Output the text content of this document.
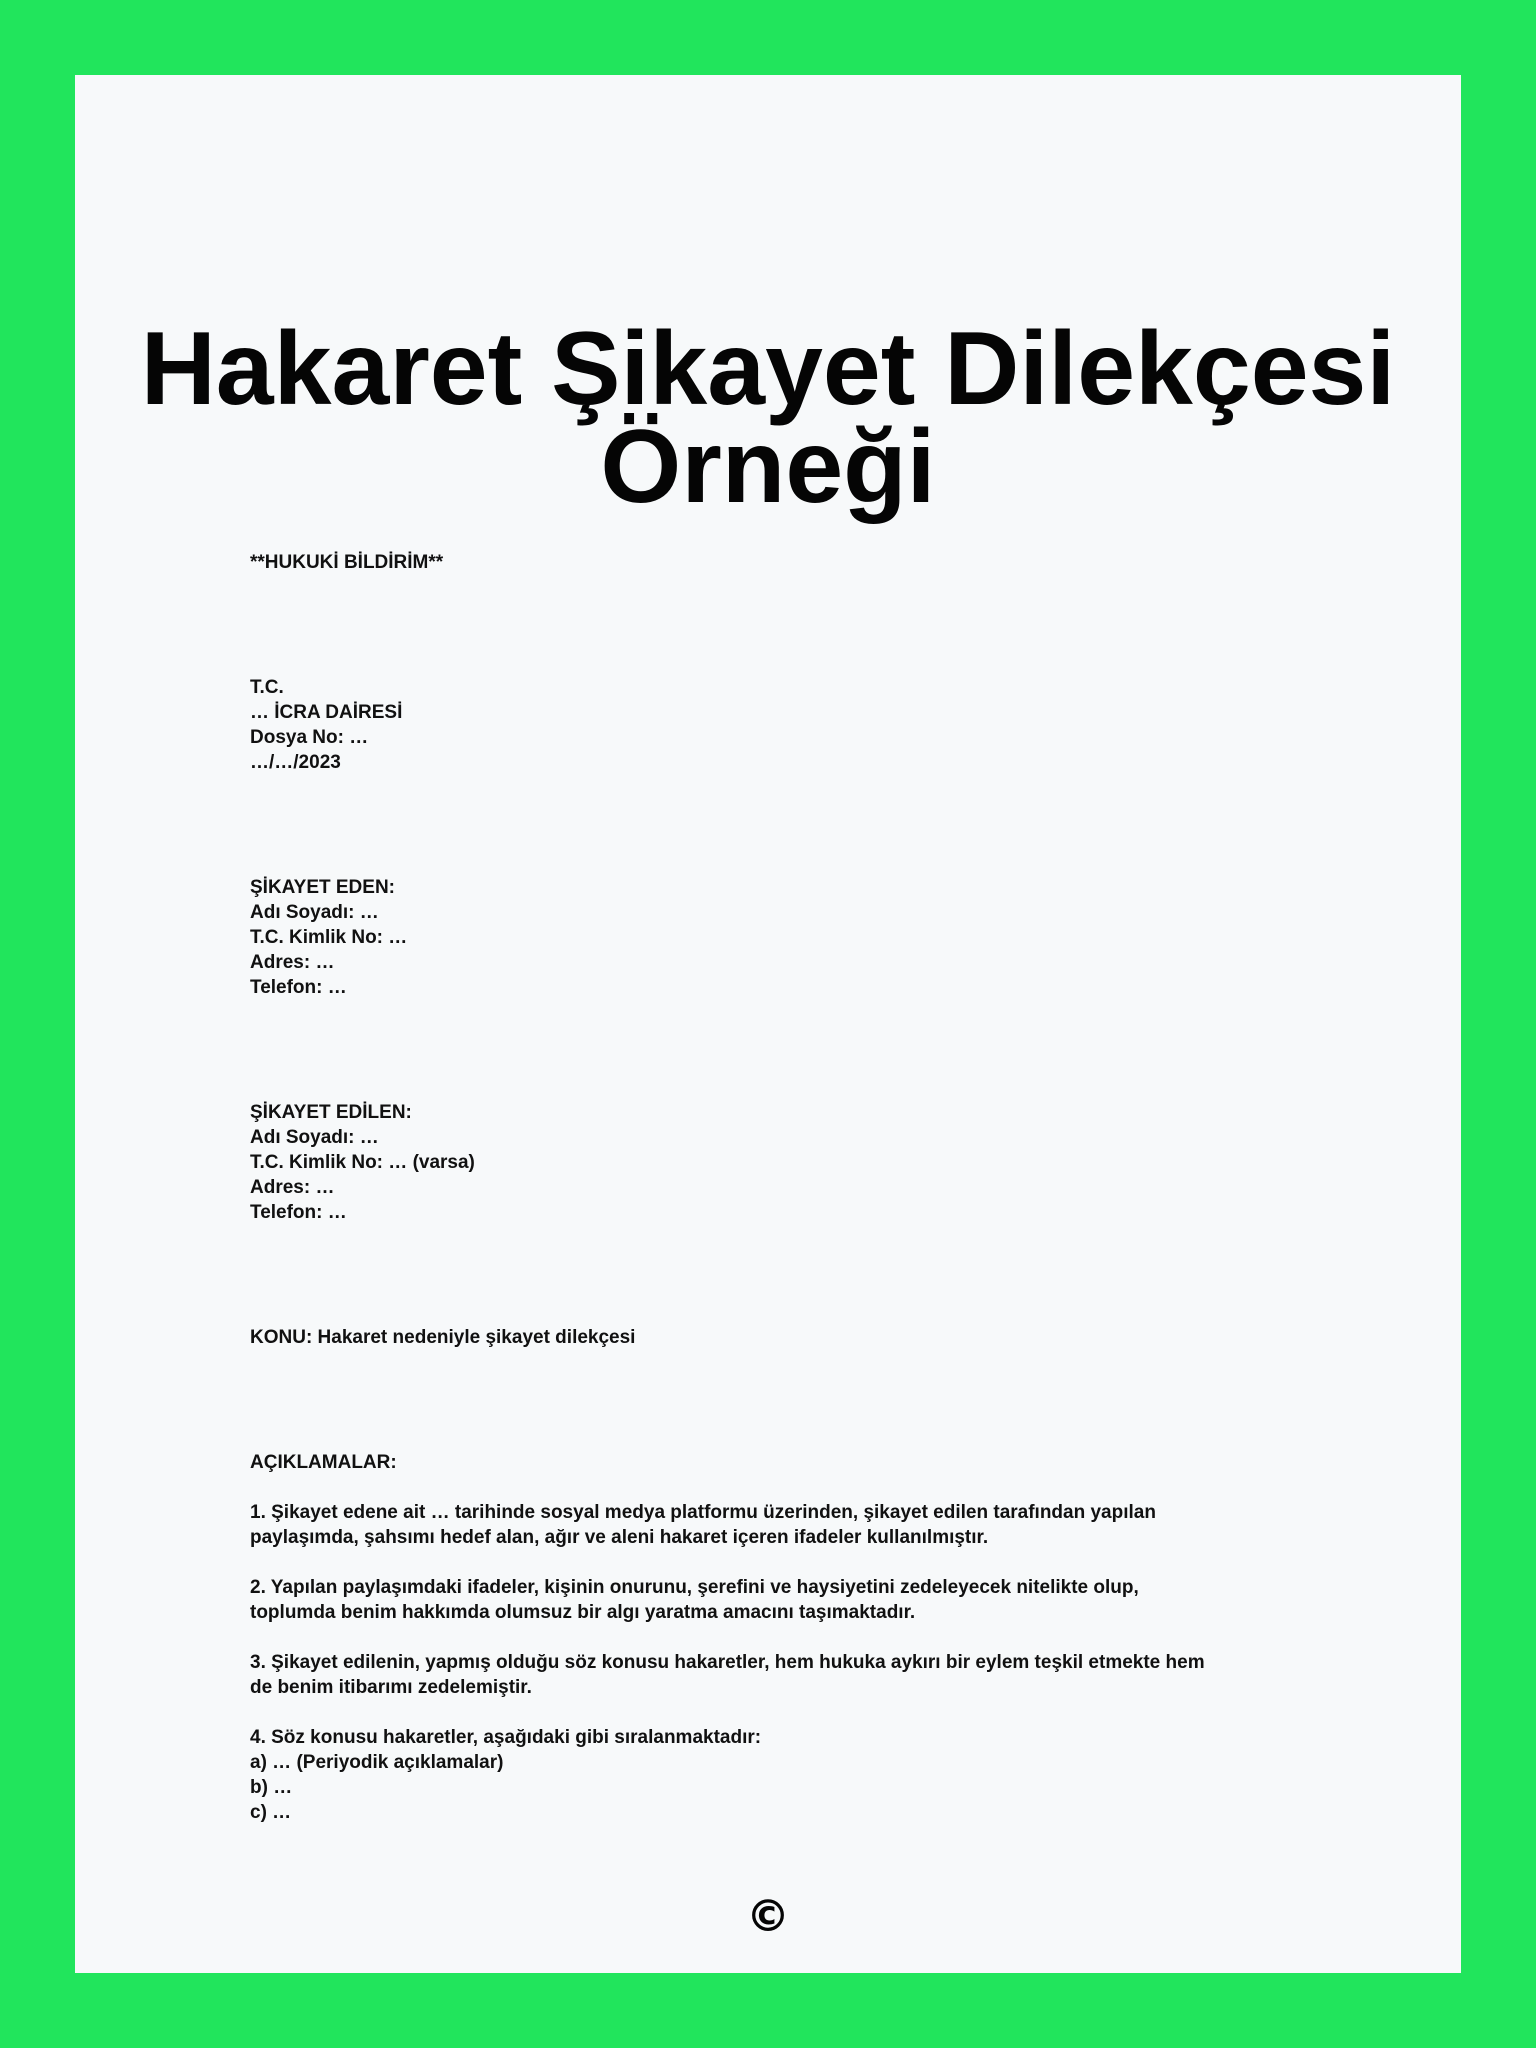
Hakaret Şikayet Dilekçesi Örneği
**HUKUKİ BİLDİRİM**
T.C.
… İCRA DAİRESİ
Dosya No: …
…/…/2023
ŞİKAYET EDEN:
Adı Soyadı: …
T.C. Kimlik No: …
Adres: …
Telefon: …
ŞİKAYET EDİLEN:
Adı Soyadı: …
T.C. Kimlik No: … (varsa)
Adres: …
Telefon: …
KONU: Hakaret nedeniyle şikayet dilekçesi
AÇIKLAMALAR:
1. Şikayet edene ait … tarihinde sosyal medya platformu üzerinden, şikayet edilen tarafından yapılan
paylaşımda, şahsımı hedef alan, ağır ve aleni hakaret içeren ifadeler kullanılmıştır.
2. Yapılan paylaşımdaki ifadeler, kişinin onurunu, şerefini ve haysiyetini zedeleyecek nitelikte olup,
toplumda benim hakkımda olumsuz bir algı yaratma amacını taşımaktadır.
3. Şikayet edilenin, yapmış olduğu söz konusu hakaretler, hem hukuka aykırı bir eylem teşkil etmekte hem
de benim itibarımı zedelemiştir.
4. Söz konusu hakaretler, aşağıdaki gibi sıralanmaktadır:
a) … (Periyodik açıklamalar)
b) …
c) …
©
